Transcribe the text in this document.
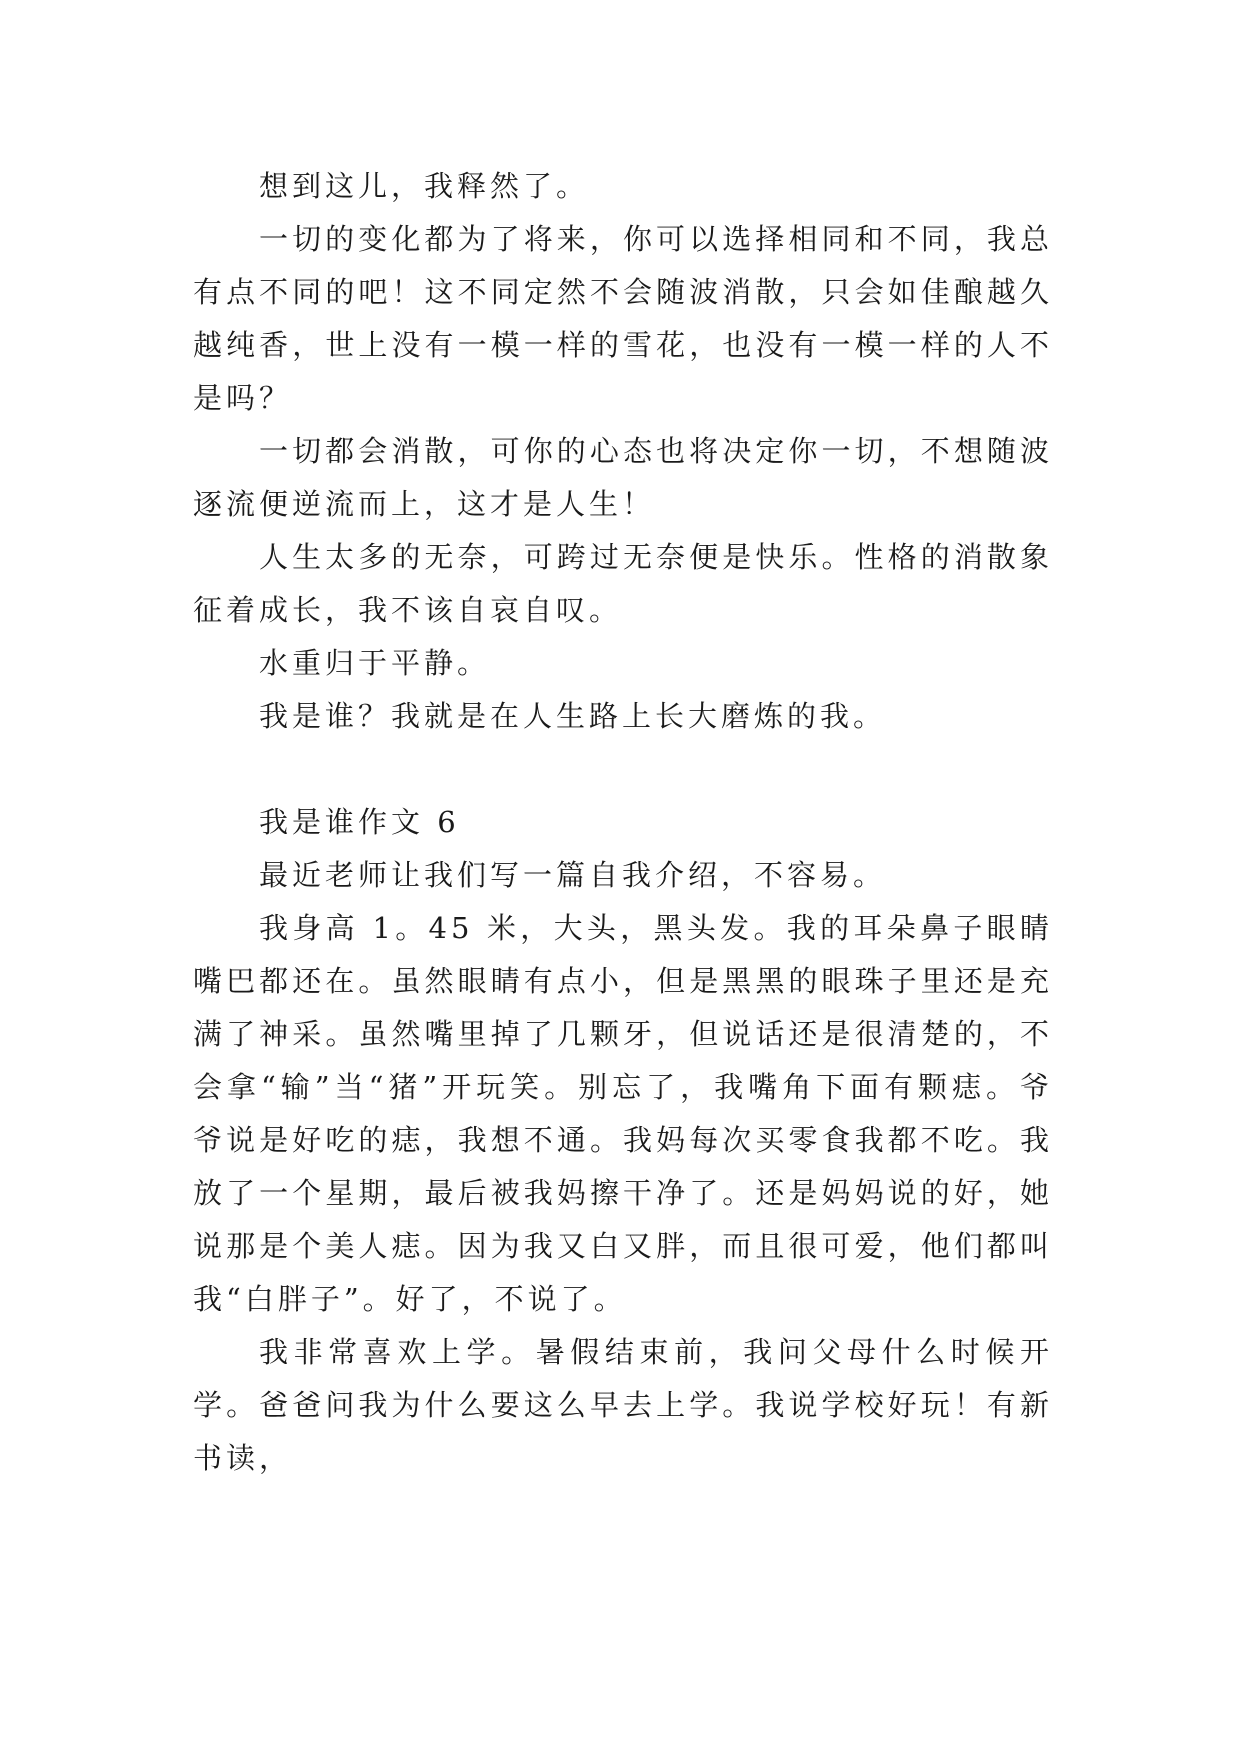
想到这儿，我释然了。

一切的变化都为了将来，你可以选择相同和不同，我总有点不同的吧！这不同定然不会随波消散，只会如佳酿越久越纯香，世上没有一模一样的雪花，也没有一模一样的人不是吗？

一切都会消散，可你的心态也将决定你一切，不想随波逐流便逆流而上，这才是人生！

人生太多的无奈，可跨过无奈便是快乐。性格的消散象征着成长，我不该自哀自叹。

水重归于平静。

我是谁？我就是在人生路上长大磨炼的我。

我是谁作文 6

最近老师让我们写一篇自我介绍，不容易。

我身高 1。45 米，大头，黑头发。我的耳朵鼻子眼睛嘴巴都还在。虽然眼睛有点小，但是黑黑的眼珠子里还是充满了神采。虽然嘴里掉了几颗牙，但说话还是很清楚的，不会拿“输”当“猪”开玩笑。别忘了，我嘴角下面有颗痣。爷爷说是好吃的痣，我想不通。我妈每次买零食我都不吃。我放了一个星期，最后被我妈擦干净了。还是妈妈说的好，她说那是个美人痣。因为我又白又胖，而且很可爱，他们都叫我“白胖子”。好了，不说了。

我非常喜欢上学。暑假结束前，我问父母什么时候开学。爸爸问我为什么要这么早去上学。我说学校好玩！有新书读，
